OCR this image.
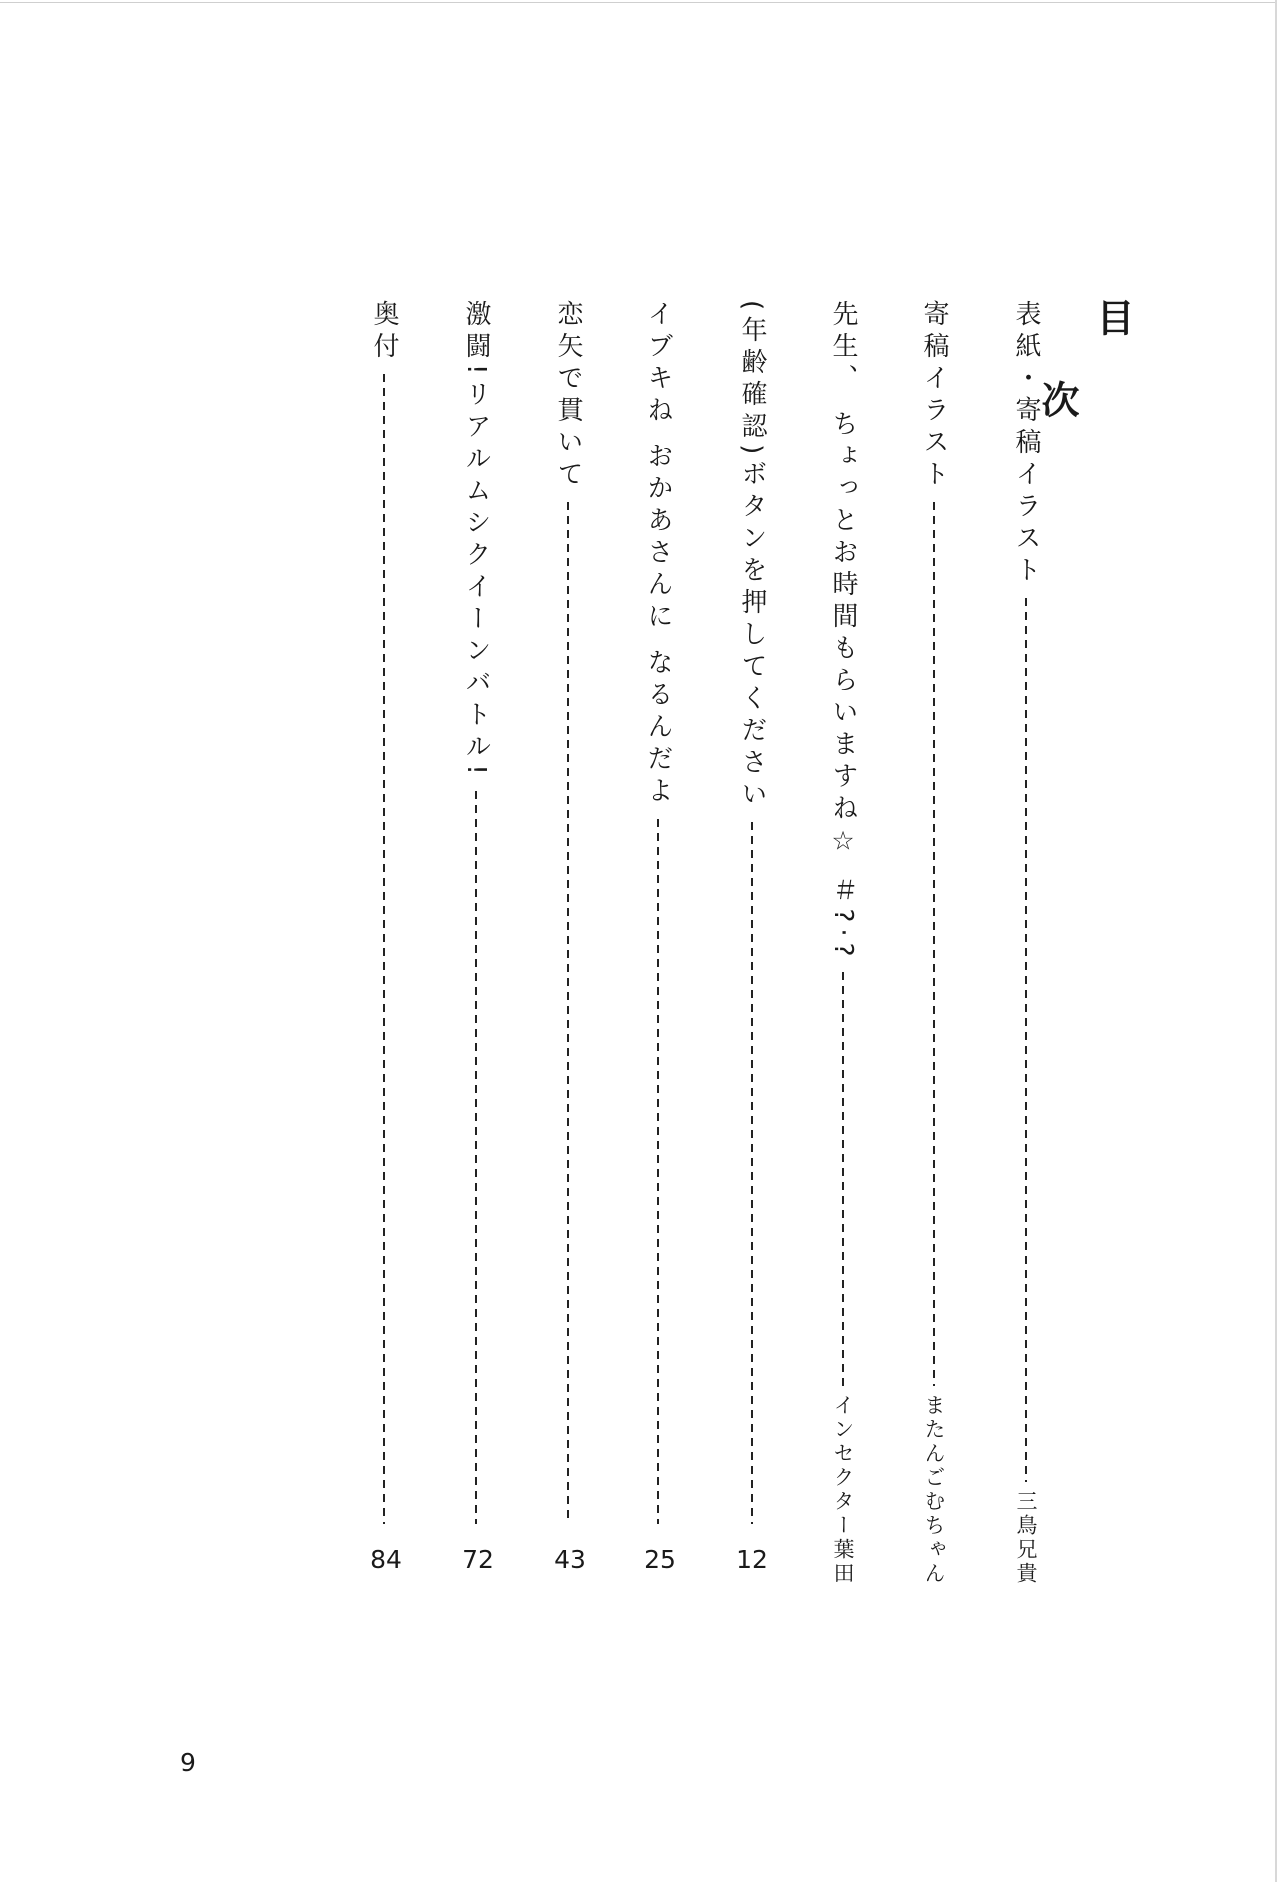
目
次
表紙・寄稿イラスト
三鳥兄貴
寄稿イラスト
またんごむちゃん
先生、 ちょっとお時間もらいますね☆ ＃?·?
インセクター葉田
(年齢確認)ボタンを押してください
12
イブキね おかあさんに なるんだよ
25
恋矢で貫いて
43
激闘!リアルムシクイーンバトル!
72
奥付
84
9
